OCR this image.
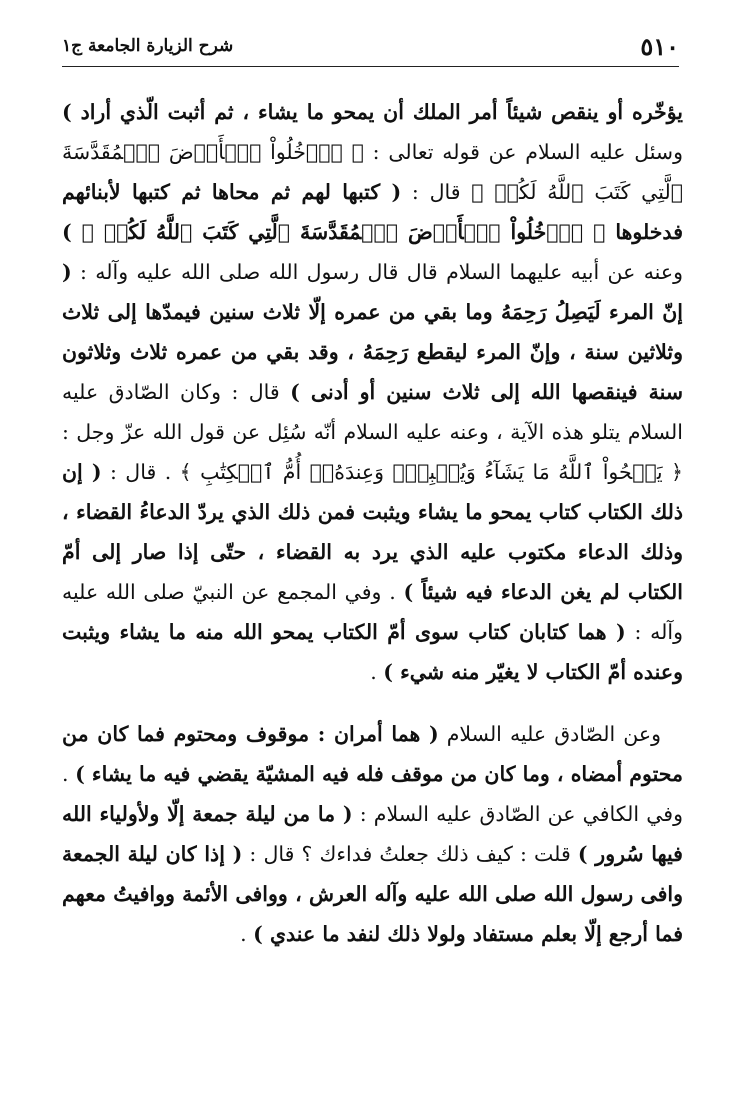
٥١٠
شرح الزيارة الجامعة ج١

يؤخّره أو ينقص شيئاً أمر الملك أن يمحو ما يشاء ، ثم أثبت الّذي أراد ) وسئل عليه السلام عن قوله تعالى : ﴿ ٱدۡخُلُواْ ٱلۡأَرۡضَ ٱلۡمُقَدَّسَةَ ٱلَّتِي كَتَبَ ٱللَّهُ لَكُمۡ ﴾ قال : ( كتبها لهم ثم محاها ثم كتبها لأبنائهم فدخلوها ﴿ ٱدۡخُلُواْ ٱلۡأَرۡضَ ٱلۡمُقَدَّسَةَ ٱلَّتِي كَتَبَ ٱللَّهُ لَكُمۡ ﴾ ) وعنه عن أبيه عليهما السلام قال قال رسول الله صلى الله عليه وآله : ( إنّ المرء لَيَصِلُ رَحِمَهُ وما بقي من عمره إلّا ثلاث سنين فيمدّها إلى ثلاث وثلاثين سنة ، وإنّ المرء ليقطع رَحِمَهُ ، وقد بقي من عمره ثلاث وثلاثون سنة فينقصها الله إلى ثلاث سنين أو أدنى ) قال : وكان الصّادق عليه السلام يتلو هذه الآية ، وعنه عليه السلام أنّه سُئِل عن قول الله عزّ وجل : ﴿ يَمۡحُواْ ٱللَّهُ مَا يَشَآءُ وَيُثۡبِتُۖ وَعِندَهُۥٓ أُمُّ ٱلۡكِتَٰبِ ﴾ . قال : ( إن ذلك الكتاب كتاب يمحو ما يشاء ويثبت فمن ذلك الذي يردّ الدعاءُ القضاء ، وذلك الدعاء مكتوب عليه الذي يرد به القضاء ، حتّى إذا صار إلى أمّ الكتاب لم يغن الدعاء فيه شيئاً ) . وفي المجمع عن النبيّ صلى الله عليه وآله : ( هما كتابان كتاب سوى أمّ الكتاب يمحو الله منه ما يشاء ويثبت وعنده أمّ الكتاب لا يغيّر منه شيء ) .

وعن الصّادق عليه السلام ( هما أمران : موقوف ومحتوم فما كان من محتوم أمضاه ، وما كان من موقف فله فيه المشيّة يقضي فيه ما يشاء ) . وفي الكافي عن الصّادق عليه السلام : ( ما من ليلة جمعة إلّا ولأولياء الله فيها سُرور ) قلت : كيف ذلك جعلتُ فداءك ؟ قال : ( إذا كان ليلة الجمعة وافى رسول الله صلى الله عليه وآله العرش ، ووافى الأئمة ووافيتُ معهم فما أرجع إلّا بعلم مستفاد ولولا ذلك لنفد ما عندي ) .
